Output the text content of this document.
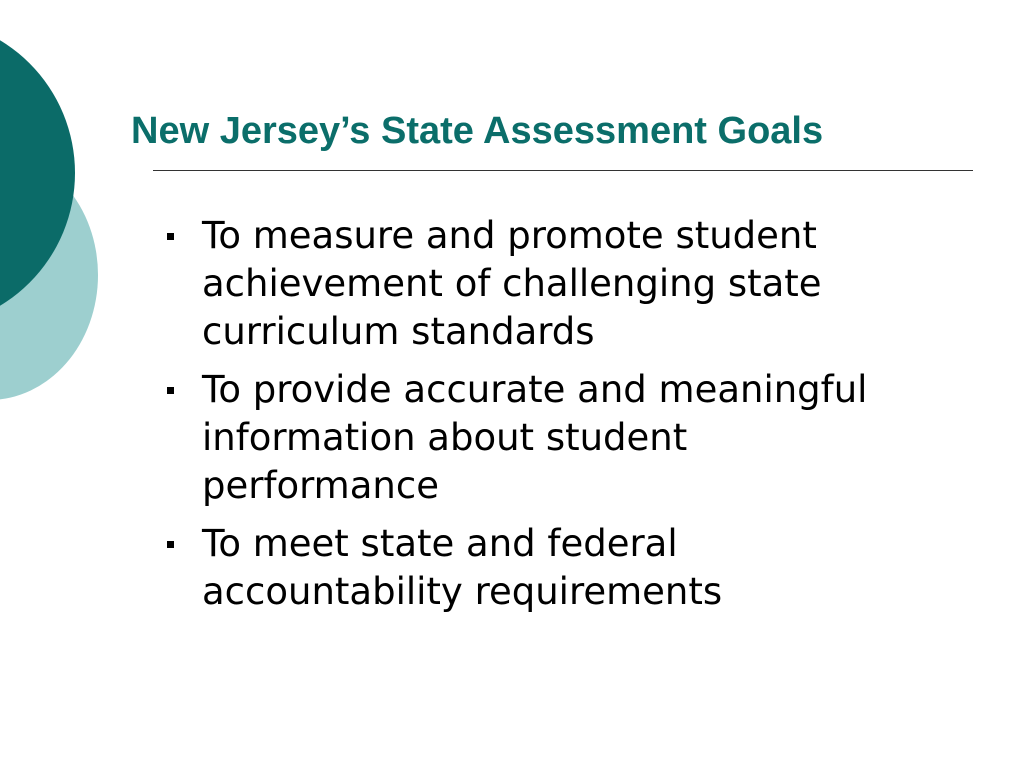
New Jersey’s State Assessment Goals
To measure and promote student
achievement of challenging state
curriculum standards
To provide accurate and meaningful
information about student
performance
To meet state and federal
accountability requirements
